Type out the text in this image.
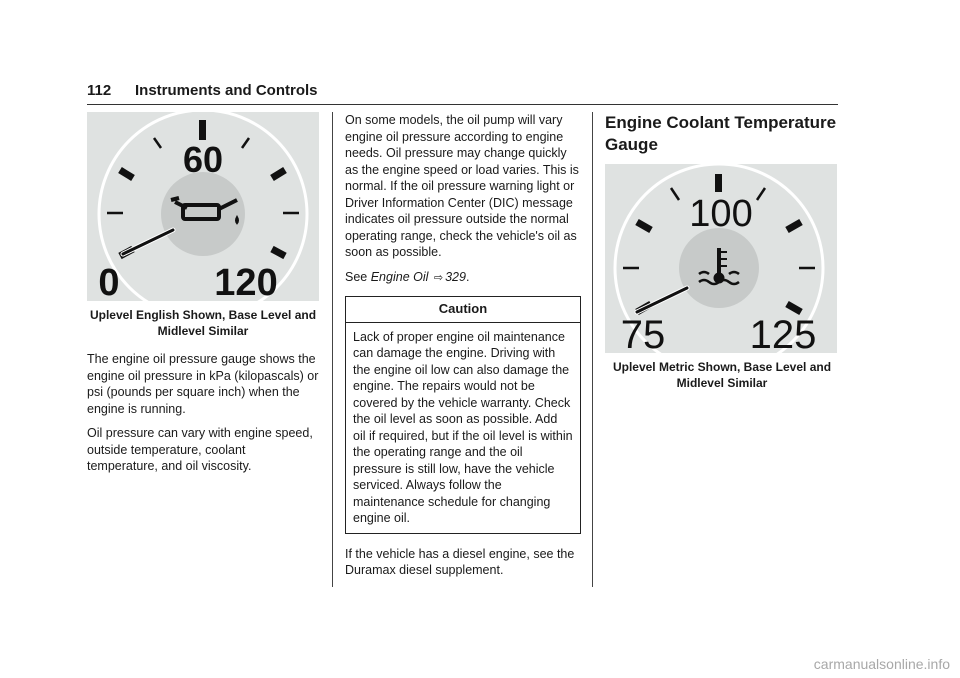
112 Instruments and Controls
60
0 120
Uplevel English Shown, Base Level and Midlevel Similar

The engine oil pressure gauge shows the engine oil pressure in kPa (kilopascals) or psi (pounds per square inch) when the engine is running.

Oil pressure can vary with engine speed, outside temperature, coolant temperature, and oil viscosity.

On some models, the oil pump will vary engine oil pressure according to engine needs. Oil pressure may change quickly as the engine speed or load varies. This is normal. If the oil pressure warning light or Driver Information Center (DIC) message indicates oil pressure outside the normal operating range, check the vehicle's oil as soon as possible.

See Engine Oil ⇨ 329.

Caution
Lack of proper engine oil maintenance can damage the engine. Driving with the engine oil low can also damage the engine. The repairs would not be covered by the vehicle warranty. Check the oil level as soon as possible. Add oil if required, but if the oil level is within the operating range and the oil pressure is still low, have the vehicle serviced. Always follow the maintenance schedule for changing engine oil.

If the vehicle has a diesel engine, see the Duramax diesel supplement.

Engine Coolant Temperature Gauge
100
75 125
Uplevel Metric Shown, Base Level and Midlevel Similar
carmanualsonline.info
